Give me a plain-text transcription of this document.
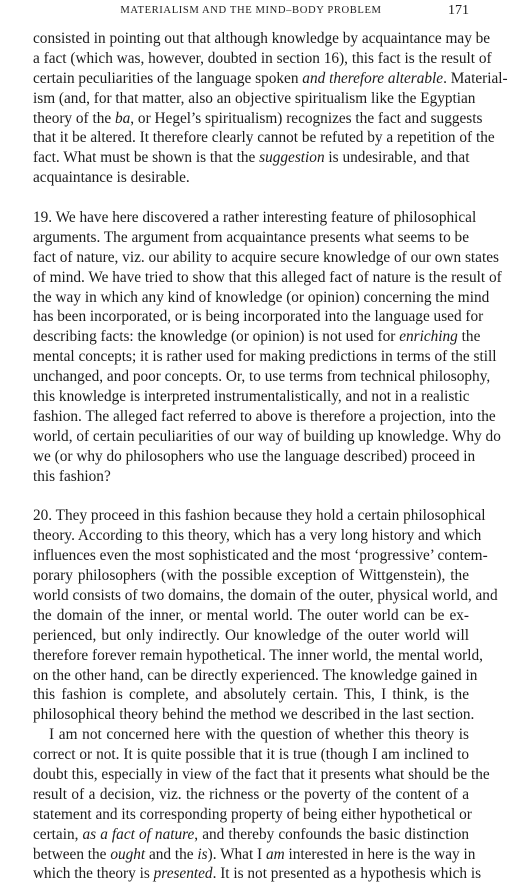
MATERIALISM AND THE MIND–BODY PROBLEM	171
consisted in pointing out that although knowledge by acquaintance may be
a fact (which was, however, doubted in section 16), this fact is the result of
certain peculiarities of the language spoken and therefore alterable. Material-
ism (and, for that matter, also an objective spiritualism like the Egyptian
theory of the ba, or Hegel’s spiritualism) recognizes the fact and suggests
that it be altered. It therefore clearly cannot be refuted by a repetition of the
fact. What must be shown is that the suggestion is undesirable, and that
acquaintance is desirable.
19. We have here discovered a rather interesting feature of philosophical
arguments. The argument from acquaintance presents what seems to be
fact of nature, viz. our ability to acquire secure knowledge of our own states
of mind. We have tried to show that this alleged fact of nature is the result of
the way in which any kind of knowledge (or opinion) concerning the mind
has been incorporated, or is being incorporated into the language used for
describing facts: the knowledge (or opinion) is not used for enriching the
mental concepts; it is rather used for making predictions in terms of the still
unchanged, and poor concepts. Or, to use terms from technical philosophy,
this knowledge is interpreted instrumentalistically, and not in a realistic
fashion. The alleged fact referred to above is therefore a projection, into the
world, of certain peculiarities of our way of building up knowledge. Why do
we (or why do philosophers who use the language described) proceed in
this fashion?
20. They proceed in this fashion because they hold a certain philosophical
theory. According to this theory, which has a very long history and which
influences even the most sophisticated and the most ‘progressive’ contem-
porary philosophers (with the possible exception of Wittgenstein), the
world consists of two domains, the domain of the outer, physical world, and
the domain of the inner, or mental world. The outer world can be ex-
perienced, but only indirectly. Our knowledge of the outer world will
therefore forever remain hypothetical. The inner world, the mental world,
on the other hand, can be directly experienced. The knowledge gained in
this fashion is complete, and absolutely certain. This, I think, is the
philosophical theory behind the method we described in the last section.
I am not concerned here with the question of whether this theory is
correct or not. It is quite possible that it is true (though I am inclined to
doubt this, especially in view of the fact that it presents what should be the
result of a decision, viz. the richness or the poverty of the content of a
statement and its corresponding property of being either hypothetical or
certain, as a fact of nature, and thereby confounds the basic distinction
between the ought and the is). What I am interested in here is the way in
which the theory is presented. It is not presented as a hypothesis which is
